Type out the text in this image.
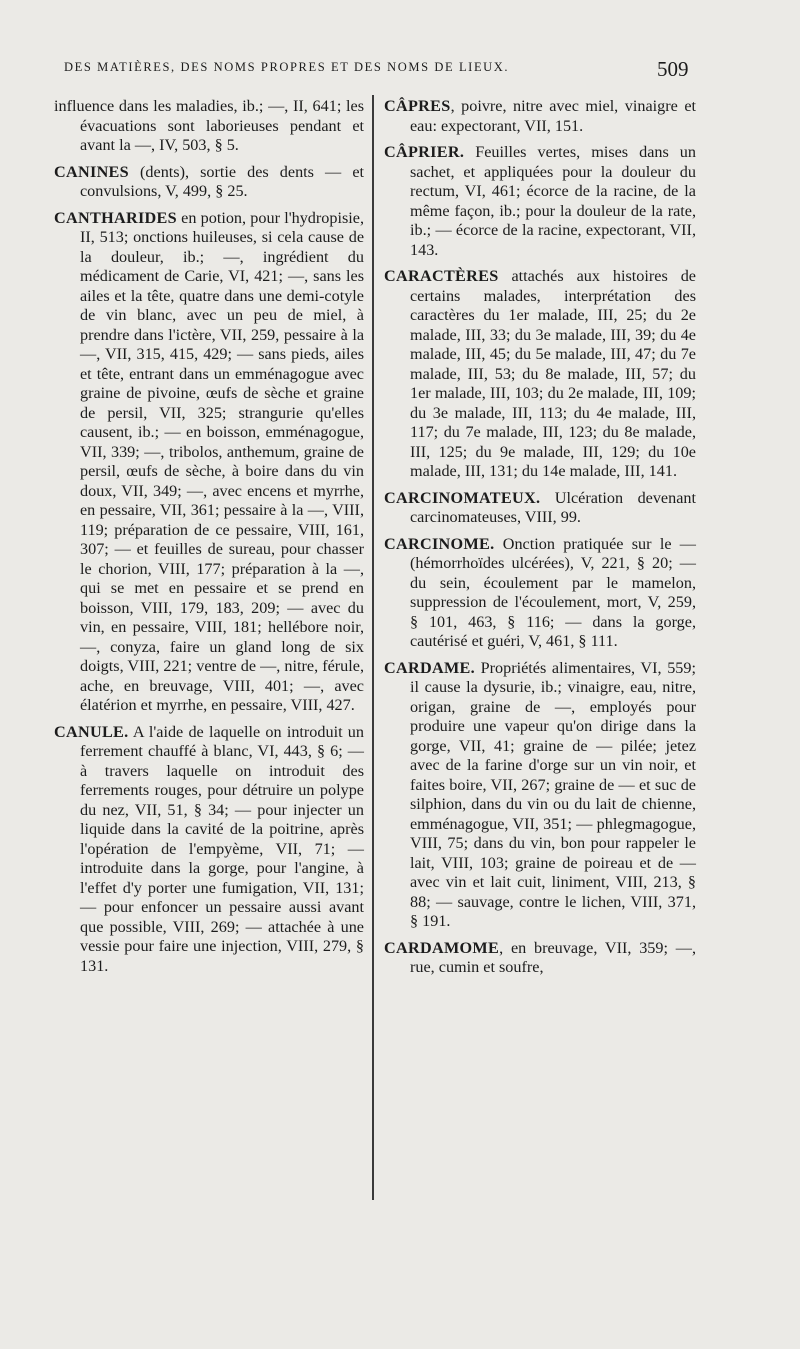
DES MATIÈRES, DES NOMS PROPRES ET DES NOMS DE LIEUX.	509

influence dans les maladies, ib.; —, II, 641; les évacuations sont laborieuses pendant et avant la —, IV, 503, § 5.

CANINES (dents), sortie des dents — et convulsions, V, 499, § 25.

CANTHARIDES en potion, pour l'hydropisie, II, 513; onctions huileuses, si cela cause de la douleur, ib.; —, ingrédient du médicament de Carie, VI, 421; —, sans les ailes et la tête, quatre dans une demi-cotyle de vin blanc, avec un peu de miel, à prendre dans l'ictère, VII, 259, pessaire à la —, VII, 315, 415, 429; — sans pieds, ailes et tête, entrant dans un emménagogue avec graine de pivoine, œufs de sèche et graine de persil, VII, 325; strangurie qu'elles causent, ib.; — en boisson, emménagogue, VII, 339; —, tribolos, anthemum, graine de persil, œufs de sèche, à boire dans du vin doux, VII, 349; —, avec encens et myrrhe, en pessaire, VII, 361; pessaire à la —, VIII, 119; préparation de ce pessaire, VIII, 161, 307; — et feuilles de sureau, pour chasser le chorion, VIII, 177; préparation à la —, qui se met en pessaire et se prend en boisson, VIII, 179, 183, 209; — avec du vin, en pessaire, VIII, 181; hellébore noir, —, conyza, faire un gland long de six doigts, VIII, 221; ventre de —, nitre, férule, ache, en breuvage, VIII, 401; —, avec élatérion et myrrhe, en pessaire, VIII, 427.

CANULE. A l'aide de laquelle on introduit un ferrement chauffé à blanc, VI, 443, § 6; — à travers laquelle on introduit des ferrements rouges, pour détruire un polype du nez, VII, 51, § 34; — pour injecter un liquide dans la cavité de la poitrine, après l'opération de l'empyème, VII, 71; — introduite dans la gorge, pour l'angine, à l'effet d'y porter une fumigation, VII, 131; — pour enfoncer un pessaire aussi avant que possible, VIII, 269; — attachée à une vessie pour faire une injection, VIII, 279, § 131.

CÂPRES, poivre, nitre avec miel, vinaigre et eau: expectorant, VII, 151.

CÂPRIER. Feuilles vertes, mises dans un sachet, et appliquées pour la douleur du rectum, VI, 461; écorce de la racine, de la même façon, ib.; pour la douleur de la rate, ib.; — écorce de la racine, expectorant, VII, 143.

CARACTÈRES attachés aux histoires de certains malades, interprétation des caractères du 1er malade, III, 25; du 2e malade, III, 33; du 3e malade, III, 39; du 4e malade, III, 45; du 5e malade, III, 47; du 7e malade, III, 53; du 8e malade, III, 57; du 1er malade, III, 103; du 2e malade, III, 109; du 3e malade, III, 113; du 4e malade, III, 117; du 7e malade, III, 123; du 8e malade, III, 125; du 9e malade, III, 129; du 10e malade, III, 131; du 14e malade, III, 141.

CARCINOMATEUX. Ulcération devenant carcinomateuses, VIII, 99.

CARCINOME. Onction pratiquée sur le — (hémorrhoïdes ulcérées), V, 221, § 20; — du sein, écoulement par le mamelon, suppression de l'écoulement, mort, V, 259, § 101, 463, § 116; — dans la gorge, cautérisé et guéri, V, 461, § 111.

CARDAME. Propriétés alimentaires, VI, 559; il cause la dysurie, ib.; vinaigre, eau, nitre, origan, graine de —, employés pour produire une vapeur qu'on dirige dans la gorge, VII, 41; graine de — pilée; jetez avec de la farine d'orge sur un vin noir, et faites boire, VII, 267; graine de — et suc de silphion, dans du vin ou du lait de chienne, emménagogue, VII, 351; — phlegmagogue, VIII, 75; dans du vin, bon pour rappeler le lait, VIII, 103; graine de poireau et de — avec vin et lait cuit, liniment, VIII, 213, § 88; — sauvage, contre le lichen, VIII, 371, § 191.

CARDAMOME, en breuvage, VII, 359; —, rue, cumin et soufre,
